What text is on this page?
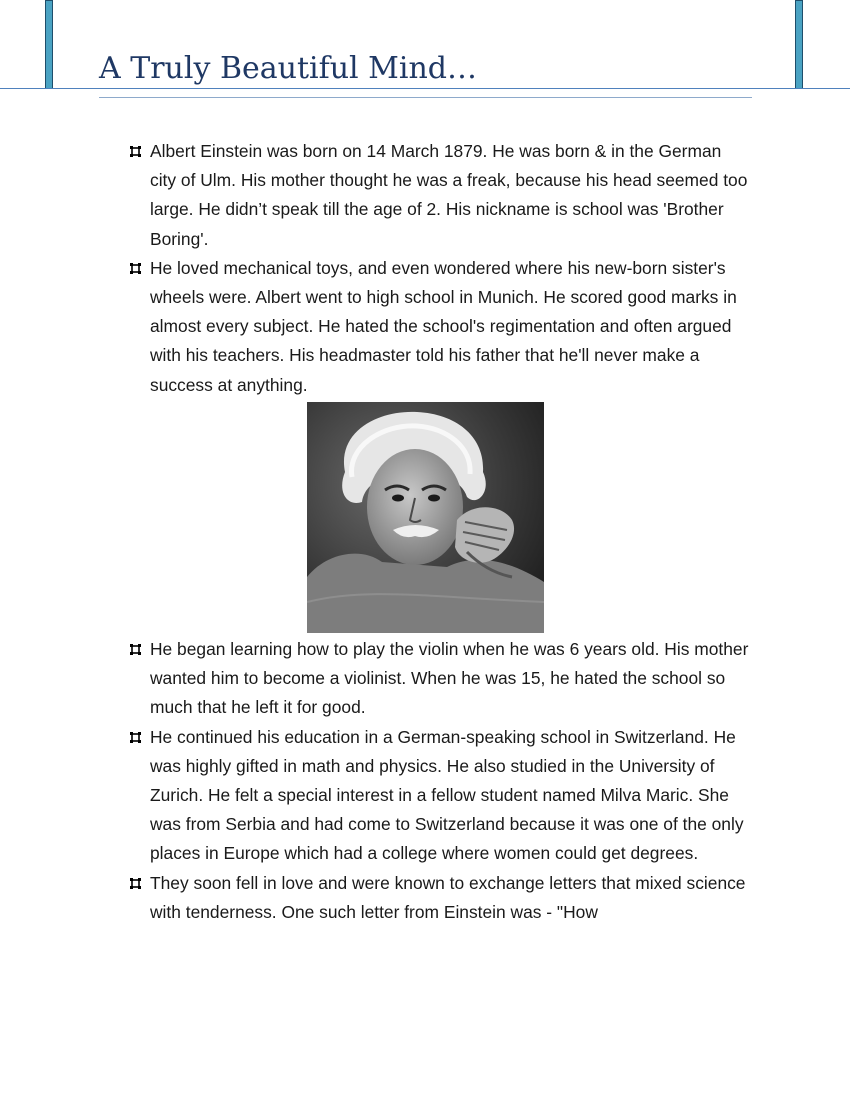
A Truly Beautiful Mind…
Albert Einstein was born on 14 March 1879. He was born & in the German city of Ulm. His mother thought he was a freak, because his head seemed too large. He didn’t speak till the age of 2. His nickname is school was 'Brother Boring'.
He loved mechanical toys, and even wondered where his new-born sister's wheels were. Albert went to high school in Munich. He scored good marks in almost every subject. He hated the school's regimentation and often argued with his teachers. His headmaster told his father that he'll never make a success at anything.
He began learning how to play the violin when he was 6 years old. His mother wanted him to become a violinist. When he was 15, he hated the school so much that he left it for good.
He continued his education in a German-speaking school in Switzerland. He was highly gifted in math and physics. He also studied in the University of Zurich. He felt a special interest in a fellow student named Milva Maric. She was from Serbia and had come to Switzerland because it was one of the only places in Europe which had a college where women could get degrees.
They soon fell in love and were known to exchange letters that mixed science with tenderness. One such letter from Einstein was - "How
